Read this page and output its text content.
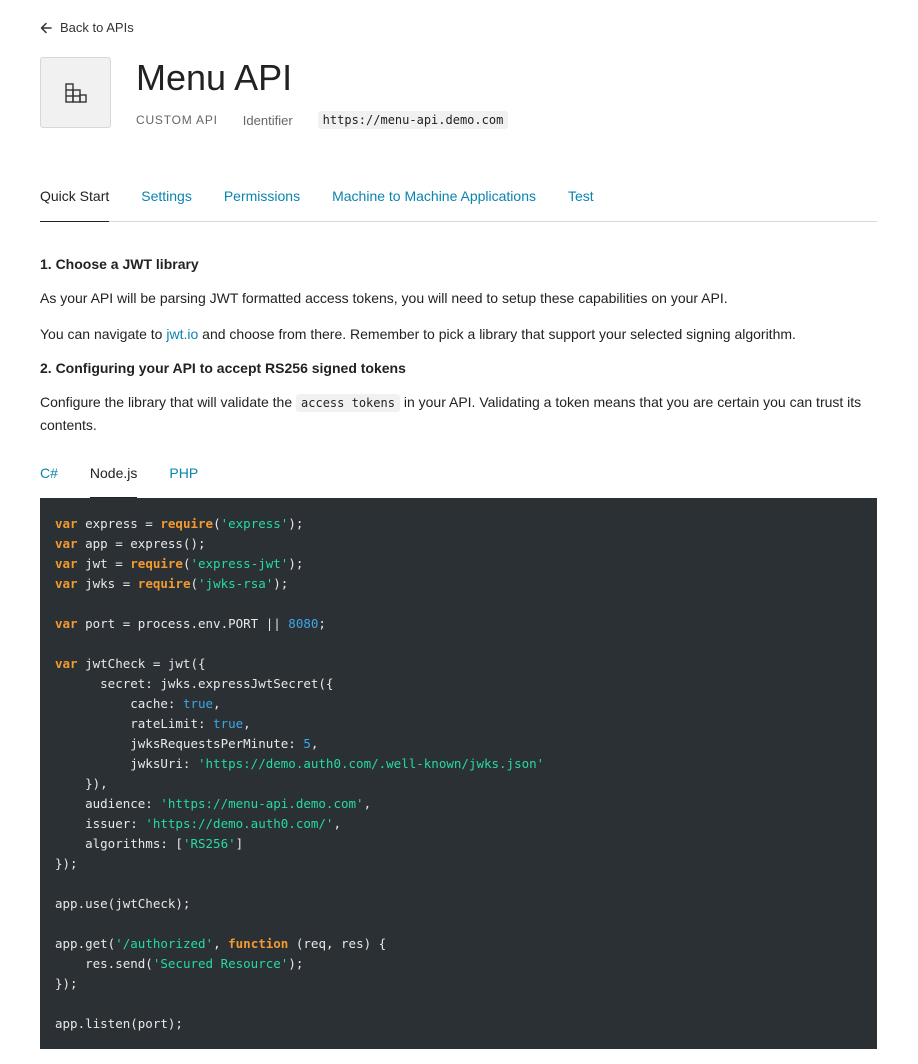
Back to APIs
Menu API
CUSTOM API Identifier	https://menu-api.demo.com
Quick Start Settings Permissions Machine to Machine Applications Test
1. Choose a JWT library

As your API will be parsing JWT formatted access tokens, you will need to setup these capabilities on your API.

You can navigate to jwt.io and choose from there. Remember to pick a library that support your selected signing algorithm.

2. Configuring your API to accept RS256 signed tokens

Configure the library that will validate the access tokens in your API. Validating a token means that you are certain you can trust its contents.

C# Node.js PHP
var express = require('express');
var app = express();
var jwt = require('express-jwt');
var jwks = require('jwks-rsa');

var port = process.env.PORT || 8080;

var jwtCheck = jwt({
secret: jwks.expressJwtSecret({
cache: true,
rateLimit: true,
jwksRequestsPerMinute: 5,
jwksUri: 'https://demo.auth0.com/.well-known/jwks.json'
}),
audience: 'https://menu-api.demo.com',
issuer: 'https://demo.auth0.com/',
algorithms: ['RS256']
});

app.use(jwtCheck);

app.get('/authorized', function (req, res) {
res.send('Secured Resource');
});

app.listen(port);
